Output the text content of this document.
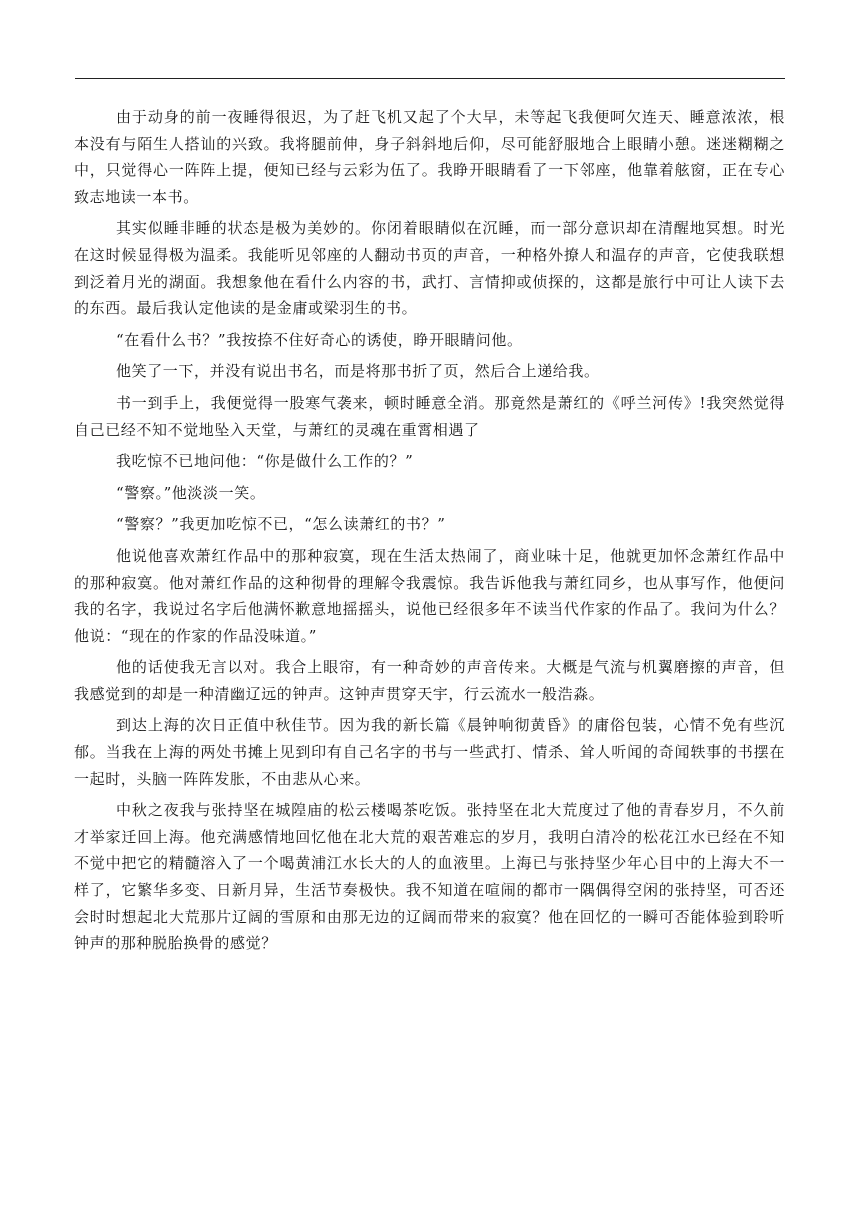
由于动身的前一夜睡得很迟，为了赶飞机又起了个大早，未等起飞我便呵欠连天、睡意浓浓，根本没有与陌生人搭讪的兴致。我将腿前伸，身子斜斜地后仰，尽可能舒服地合上眼睛小憩。迷迷糊糊之中，只觉得心一阵阵上提，便知已经与云彩为伍了。我睁开眼睛看了一下邻座，他靠着舷窗，正在专心致志地读一本书。

其实似睡非睡的状态是极为美妙的。你闭着眼睛似在沉睡，而一部分意识却在清醒地冥想。时光在这时候显得极为温柔。我能听见邻座的人翻动书页的声音，一种格外撩人和温存的声音，它使我联想到泛着月光的湖面。我想象他在看什么内容的书，武打、言情抑或侦探的，这都是旅行中可让人读下去的东西。最后我认定他读的是金庸或梁羽生的书。

“在看什么书？”我按捺不住好奇心的诱使，睁开眼睛问他。

他笑了一下，并没有说出书名，而是将那书折了页，然后合上递给我。

书一到手上，我便觉得一股寒气袭来，顿时睡意全消。那竟然是萧红的《呼兰河传》!我突然觉得自己已经不知不觉地坠入天堂，与萧红的灵魂在重霄相遇了

我吃惊不已地问他：“你是做什么工作的？”

“警察。”他淡淡一笑。

“警察？”我更加吃惊不已，“怎么读萧红的书？”

他说他喜欢萧红作品中的那种寂寞，现在生活太热闹了，商业味十足，他就更加怀念萧红作品中的那种寂寞。他对萧红作品的这种彻骨的理解令我震惊。我告诉他我与萧红同乡，也从事写作，他便问我的名字，我说过名字后他满怀歉意地摇摇头，说他已经很多年不读当代作家的作品了。我问为什么？他说：“现在的作家的作品没味道。”

他的话使我无言以对。我合上眼帘，有一种奇妙的声音传来。大概是气流与机翼磨擦的声音，但我感觉到的却是一种清幽辽远的钟声。这钟声贯穿天宇，行云流水一般浩淼。

到达上海的次日正值中秋佳节。因为我的新长篇《晨钟响彻黄昏》的庸俗包装，心情不免有些沉郁。当我在上海的两处书摊上见到印有自己名字的书与一些武打、情杀、耸人听闻的奇闻轶事的书摆在一起时，头脑一阵阵发胀，不由悲从心来。

中秋之夜我与张持坚在城隍庙的松云楼喝茶吃饭。张持坚在北大荒度过了他的青春岁月，不久前才举家迁回上海。他充满感情地回忆他在北大荒的艰苦难忘的岁月，我明白清冷的松花江水已经在不知不觉中把它的精髓溶入了一个喝黄浦江水长大的人的血液里。上海已与张持坚少年心目中的上海大不一样了，它繁华多变、日新月异，生活节奏极快。我不知道在喧闹的都市一隅偶得空闲的张持坚，可否还会时时想起北大荒那片辽阔的雪原和由那无边的辽阔而带来的寂寞？他在回忆的一瞬可否能体验到聆听钟声的那种脱胎换骨的感觉？
